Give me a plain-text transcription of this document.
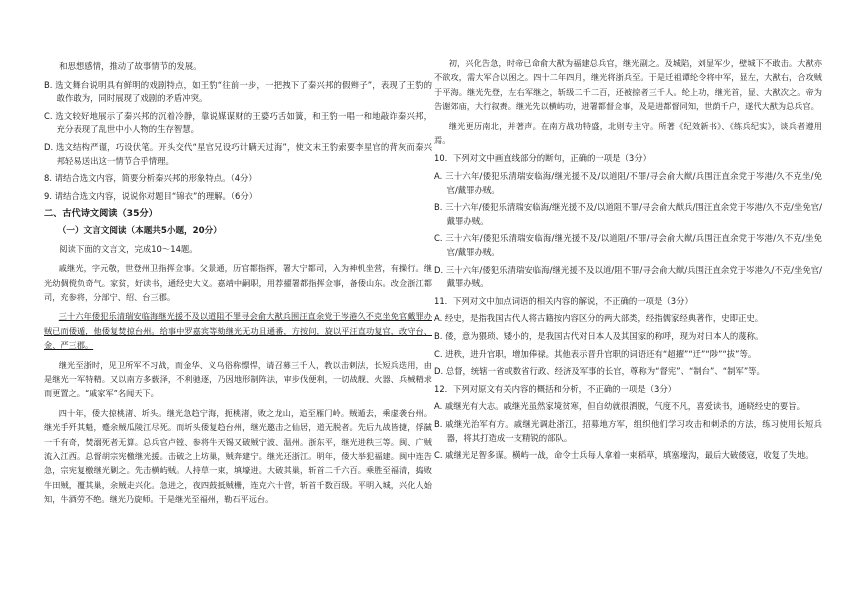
和思想感情，推动了故事情节的发展。

B. 选文舞台说明具有鲜明的戏剧特点，如王豹“往前一步，一把拽下了秦兴邦的假辫子”，表现了王豹的敢作敢为，同时展现了戏剧的矛盾冲突。

C. 选文较好地展示了秦兴邦的沉着冷静，靠说媒谋财的王婆巧舌如簧，和王豹一唱一和地敲诈秦兴邦，充分表现了乱世中小人物的生存智慧。

D. 选文结构严谨，巧设伏笔。开头交代“星官兄设巧计瞒天过海”，使文末王豹索要李星官的背灰而秦兴邦轻易送出这一情节合乎情理。

8. 请结合选文内容，简要分析秦兴邦的形象特点。（4分）

9. 请结合选文内容，说说你对题目“锦衣”的理解。（6分）

二、古代诗文阅读（35分）
（一）文言文阅读（本题共5小题，20分）

阅读下面的文言文，完成10～14题。

戚继光，字元敬，世登州卫指挥佥事。父景通，历官都指挥，署大宁都司，入为神机坐营，有操行。继光幼倜傥负奇气。家贫，好读书，通经史大义。嘉靖中嗣职，用荐擢署都指挥佥事，备倭山东。改佥浙江都司，充参将，分部宁、绍、台三郡。

三十六年倭犯乐清瑞安临海继光援不及以道阻不罪寻会俞大猷兵围汪直余党于岑港久不克坐免官戴罪办贼已而倭遁，他倭复焚掠台州。给事中罗嘉宾等劾继光无功且通番，方按问，旋以平汪直功复官，改守台、金、严三郡。

继光至浙时，见卫所军不习战，而金华、义乌俗称慓悍，请召募三千人，教以击刺法，长短兵迭用，由是继光一军特精。又以南方多薮泽，不利驰逐，乃因地形制阵法，审步伐便利，一切战舰、火器、兵械精求而更置之。“戚家军”名闻天下。

四十年，倭大掠桃渚、圻头。继光急趋宁海，扼桃渚，败之龙山，追至雁门岭。贼遁去，乘虚袭台州。继光手歼其魁，蹙余贼瓜陵江尽死。而圻头倭复趋台州，继光邀击之仙居，道无脱者。先后九战皆捷，俘馘一千有奇，焚溺死者无算。总兵官卢镗、参将牛天锡又破贼宁波、温州。浙东平，继光进秩三等。闽、广贼流入江西。总督胡宗宪檄继光援。击破之上坊巢，贼奔建宁。继光还浙江。明年，倭大举犯福建。闽中连告急，宗宪复檄继光剿之。先击横屿贼。人持草一束，填壕进。大破其巢，斩首二千六百。乘胜至福清，捣败牛田贼，覆其巢，余贼走兴化。急进之，夜四鼓抵贼栅，连克六十营，斩首千数百级。平明入城，兴化人始知，牛酒劳不绝。继光乃旋师。于是继光至福州，勒石平远台。

初，兴化告急，时帝已命俞大猷为福建总兵官，继光副之。及城陷，刘显军少，壁城下不敢击。大猷亦不欲攻，需大军合以困之。四十二年四月，继光将浙兵至。于是迁祖谭纶令将中军，显左，大猷右，合攻贼于平海。继光先登，左右军继之，斩级二千二百，还被掠者三千人。纶上功，继光首，显、大猷次之。帝为告谢郊庙，大行叙赉。继光先以横屿功，进署都督佥事，及是进都督同知，世荫千户，遂代大猷为总兵官。

继光更历南北，并著声。在南方战功特盛，北则专主守。所著《纪效新书》、《练兵纪实》，谈兵者遵用焉。

10．下列对文中画直线部分的断句，正确的一项是（3分）

A. 三十六年/倭犯乐清瑞安临海/继光援不及/以道阻/不罪/寻会俞大猷/兵围汪直余党于岑港/久不克坐/免官/戴罪办贼。

B. 三十六年/倭犯乐清瑞安临海/继光援不及/以道阻不罪/寻会俞大猷兵/围汪直余党于岑港/久不克/坐免官/戴罪办贼。

C. 三十六年/倭犯乐清瑞安临海/继光援不及/以道阻/不罪/寻会俞大猷/兵围汪直余党于岑港/久不克/坐免官/戴罪办贼。

D. 三十六年/倭犯乐清瑞安临海/继光援不及以道/阻不罪/寻会俞大猷/兵围汪直余党于岑港久/不克/坐免官/戴罪办贼。

11．下列对文中加点词语的相关内容的解说，不正确的一项是（3分）

A. 经史，是指我国古代人将古籍按内容区分的两大部类，经指儒家经典著作，史即正史。

B. 倭，意为猥琐、矮小的，是我国古代对日本人及其国家的称呼，现为对日本人的蔑称。

C. 进秩，进升官职，增加俸禄。其他表示晋升官职的词语还有“超擢”“迁”“陟”“拔”等。

D. 总督，统辖一省或数省行政、经济及军事的长官，尊称为“督宪”、“制台”、“制军”等。

12．下列对原文有关内容的概括和分析，不正确的一项是（3分）

A. 戚继光有大志。戚继光虽然家境贫寒，但自幼就很洒脱，气度不凡，喜爱读书，通晓经史的要旨。

B. 戚继光治军有方。戚继光调赴浙江，招募地方军，组织他们学习攻击和刺杀的方法，练习使用长短兵器，将其打造成一支精锐的部队。

C. 戚继光足智多谋。横屿一战，命令士兵每人拿着一束稻草，填塞壕沟，最后大破倭寇，收复了失地。
